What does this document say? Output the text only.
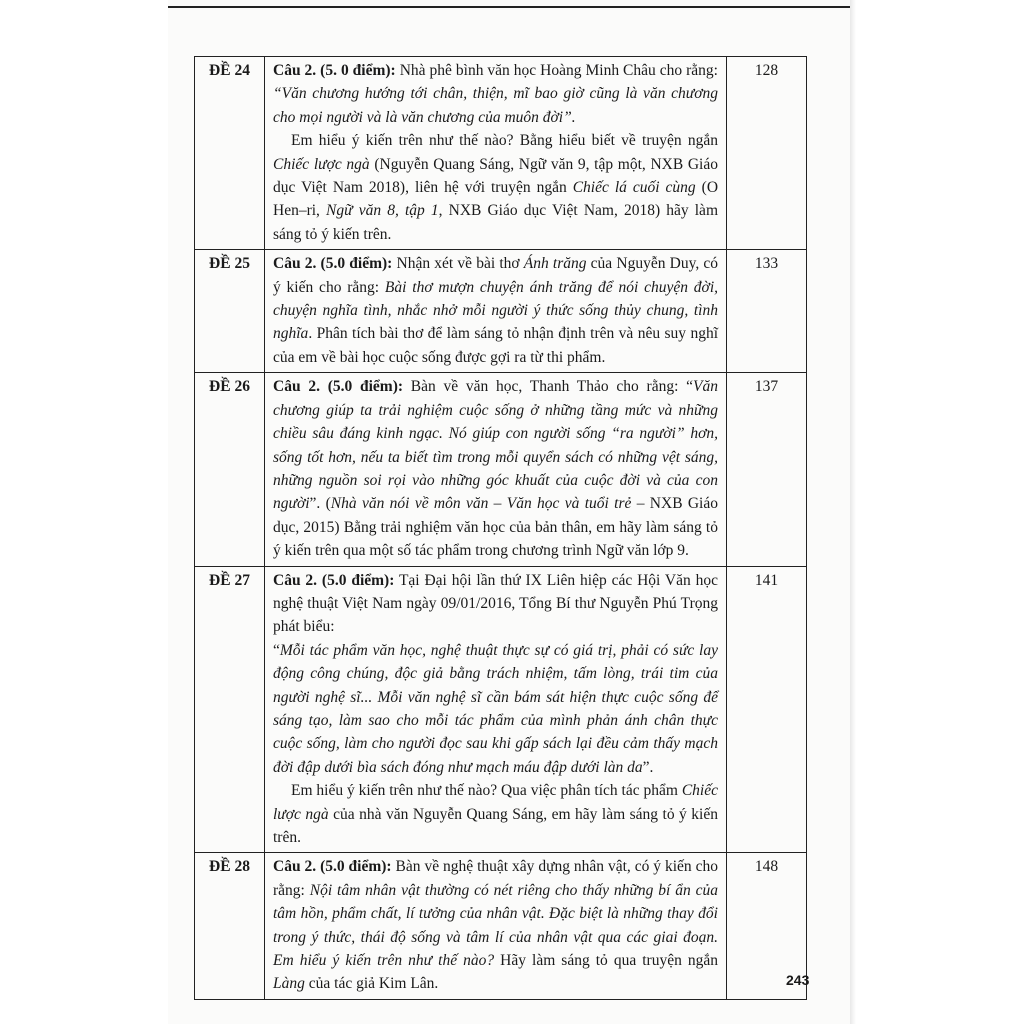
ĐỀ 24	Câu 2. (5. 0 điểm): Nhà phê bình văn học Hoàng Minh Châu cho rằng: “Văn chương hướng tới chân, thiện, mĩ bao giờ cũng là văn chương cho mọi người và là văn chương của muôn đời”.

Em hiểu ý kiến trên như thế nào? Bằng hiểu biết về truyện ngắn Chiếc lược ngà (Nguyễn Quang Sáng, Ngữ văn 9, tập một, NXB Giáo dục Việt Nam 2018), liên hệ với truyện ngắn Chiếc lá cuối cùng (O Hen–ri, Ngữ văn 8, tập 1, NXB Giáo dục Việt Nam, 2018) hãy làm sáng tỏ ý kiến trên.	128
ĐỀ 25	Câu 2. (5.0 điểm): Nhận xét về bài thơ Ánh trăng của Nguyễn Duy, có ý kiến cho rằng: Bài thơ mượn chuyện ánh trăng để nói chuyện đời, chuyện nghĩa tình, nhắc nhở mỗi người ý thức sống thủy chung, tình nghĩa. Phân tích bài thơ để làm sáng tỏ nhận định trên và nêu suy nghĩ của em về bài học cuộc sống được gợi ra từ thi phẩm.	133
ĐỀ 26	Câu 2. (5.0 điểm): Bàn về văn học, Thanh Thảo cho rằng: “Văn chương giúp ta trải nghiệm cuộc sống ở những tầng mức và những chiều sâu đáng kinh ngạc. Nó giúp con người sống “ra người” hơn, sống tốt hơn, nếu ta biết tìm trong mỗi quyển sách có những vệt sáng, những nguồn soi rọi vào những góc khuất của cuộc đời và của con người”. (Nhà văn nói về môn văn – Văn học và tuổi trẻ – NXB Giáo dục, 2015) Bằng trải nghiệm văn học của bản thân, em hãy làm sáng tỏ ý kiến trên qua một số tác phẩm trong chương trình Ngữ văn lớp 9.	137
ĐỀ 27	Câu 2. (5.0 điểm): Tại Đại hội lần thứ IX Liên hiệp các Hội Văn học nghệ thuật Việt Nam ngày 09/01/2016, Tổng Bí thư Nguyễn Phú Trọng phát biểu:

“Mỗi tác phẩm văn học, nghệ thuật thực sự có giá trị, phải có sức lay động công chúng, độc giả bằng trách nhiệm, tấm lòng, trái tim của người nghệ sĩ... Mỗi văn nghệ sĩ cần bám sát hiện thực cuộc sống để sáng tạo, làm sao cho mỗi tác phẩm của mình phản ánh chân thực cuộc sống, làm cho người đọc sau khi gấp sách lại đều cảm thấy mạch đời đập dưới bìa sách đóng như mạch máu đập dưới làn da”.

Em hiểu ý kiến trên như thế nào? Qua việc phân tích tác phẩm Chiếc lược ngà của nhà văn Nguyễn Quang Sáng, em hãy làm sáng tỏ ý kiến trên.	141
ĐỀ 28	Câu 2. (5.0 điểm): Bàn về nghệ thuật xây dựng nhân vật, có ý kiến cho rằng: Nội tâm nhân vật thường có nét riêng cho thấy những bí ẩn của tâm hồn, phẩm chất, lí tưởng của nhân vật. Đặc biệt là những thay đổi trong ý thức, thái độ sống và tâm lí của nhân vật qua các giai đoạn. Em hiểu ý kiến trên như thế nào? Hãy làm sáng tỏ qua truyện ngắn Làng của tác giả Kim Lân.	148
243
